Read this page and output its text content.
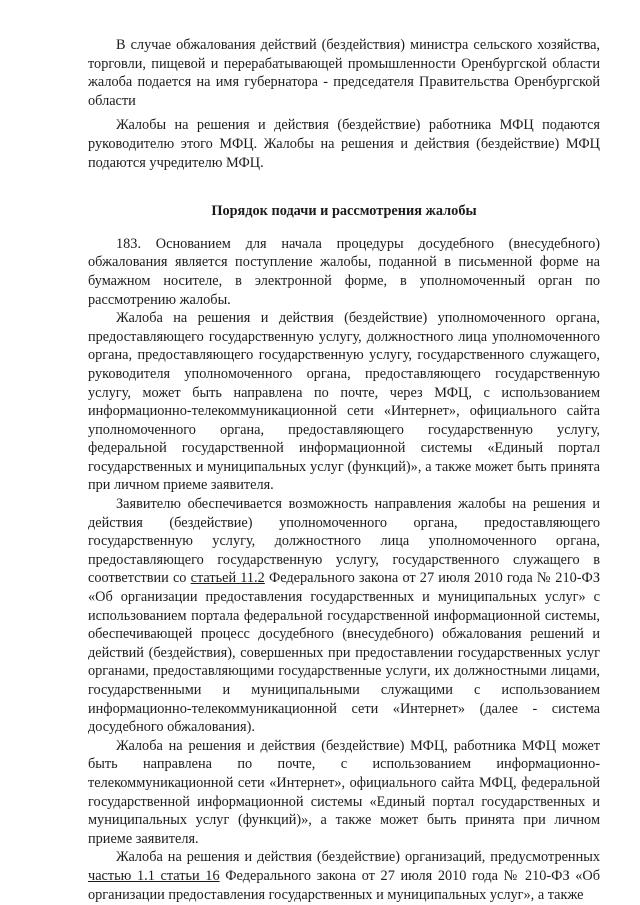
В случае обжалования действий (бездействия) министра сельского хозяйства, торговли, пищевой и перерабатывающей промышленности Оренбургской области жалоба подается на имя губернатора - председателя Правительства Оренбургской области

Жалобы на решения и действия (бездействие) работника МФЦ подаются руководителю этого МФЦ. Жалобы на решения и действия (бездействие) МФЦ подаются учредителю МФЦ.

Порядок подачи и рассмотрения жалобы

183. Основанием для начала процедуры досудебного (внесудебного) обжалования является поступление жалобы, поданной в письменной форме на бумажном носителе, в электронной форме, в уполномоченный орган по рассмотрению жалобы.

Жалоба на решения и действия (бездействие) уполномоченного органа, предоставляющего государственную услугу, должностного лица уполномоченного органа, предоставляющего государственную услугу, государственного служащего, руководителя уполномоченного органа, предоставляющего государственную услугу, может быть направлена по почте, через МФЦ, с использованием информационно-телекоммуникационной сети «Интернет», официального сайта уполномоченного органа, предоставляющего государственную услугу, федеральной государственной информационной системы «Единый портал государственных и муниципальных услуг (функций)», а также может быть принята при личном приеме заявителя.

Заявителю обеспечивается возможность направления жалобы на решения и действия (бездействие) уполномоченного органа, предоставляющего государственную услугу, должностного лица уполномоченного органа, предоставляющего государственную услугу, государственного служащего в соответствии со статьей 11.2 Федерального закона от 27 июля 2010 года № 210-ФЗ «Об организации предоставления государственных и муниципальных услуг» с использованием портала федеральной государственной информационной системы, обеспечивающей процесс досудебного (внесудебного) обжалования решений и действий (бездействия), совершенных при предоставлении государственных услуг органами, предоставляющими государственные услуги, их должностными лицами, государственными и муниципальными служащими с использованием информационно-телекоммуникационной сети «Интернет» (далее - система досудебного обжалования).

Жалоба на решения и действия (бездействие) МФЦ, работника МФЦ может быть направлена по почте, с использованием информационно-телекоммуникационной сети «Интернет», официального сайта МФЦ, федеральной государственной информационной системы «Единый портал государственных и муниципальных услуг (функций)», а также может быть принята при личном приеме заявителя.

Жалоба на решения и действия (бездействие) организаций, предусмотренных частью 1.1 статьи 16 Федерального закона от 27 июля 2010 года № 210-ФЗ «Об организации предоставления государственных и муниципальных услуг», а также
